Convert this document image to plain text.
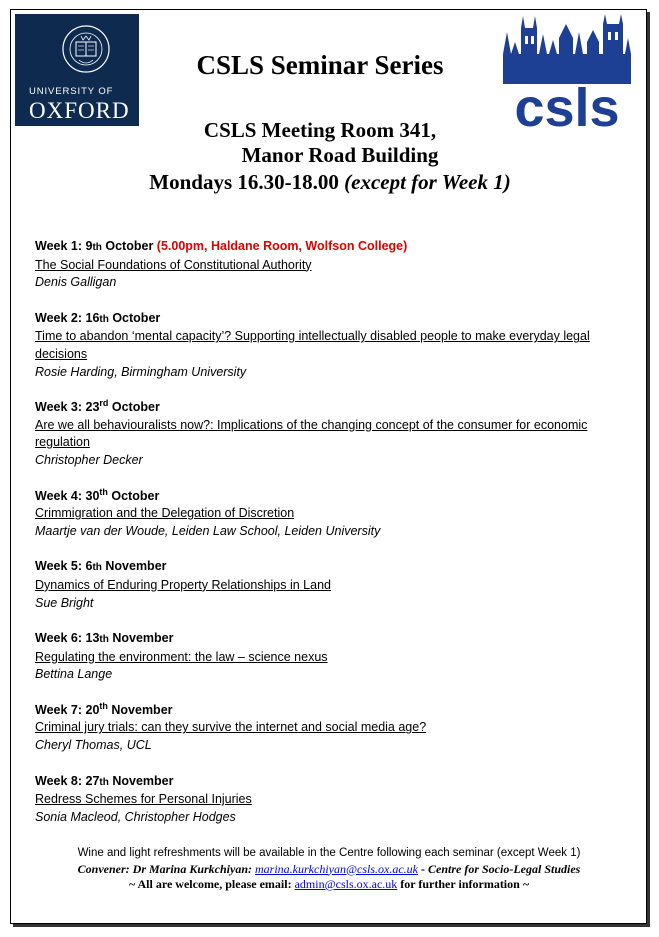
UNIVERSITY OF
OXFORD	csls
CSLS Seminar Series
CSLS Meeting Room 341,
Manor Road Building
Mondays 16.30-18.00 (except for Week 1)
Week 1: 9th October (5.00pm, Haldane Room, Wolfson College)
The Social Foundations of Constitutional Authority
Denis Galligan
Week 2: 16th October
Time to abandon ‘mental capacity’? Supporting intellectually disabled people to make everyday legal decisions
Rosie Harding, Birmingham University
Week 3: 23rd October
Are we all behaviouralists now?: Implications of the changing concept of the consumer for economic regulation
Christopher Decker
Week 4: 30th October
Crimmigration and the Delegation of Discretion
Maartje van der Woude, Leiden Law School, Leiden University
Week 5: 6th November
Dynamics of Enduring Property Relationships in Land
Sue Bright
Week 6: 13th November
Regulating the environment: the law – science nexus
Bettina Lange
Week 7: 20th November
Criminal jury trials: can they survive the internet and social media age?
Cheryl Thomas, UCL
Week 8: 27th November
Redress Schemes for Personal Injuries
Sonia Macleod, Christopher Hodges
Wine and light refreshments will be available in the Centre following each seminar (except Week 1)
Convener: Dr Marina Kurkchiyan: marina.kurkchiyan@csls.ox.ac.uk - Centre for Socio-Legal Studies
~ All are welcome, please email: admin@csls.ox.ac.uk for further information ~
